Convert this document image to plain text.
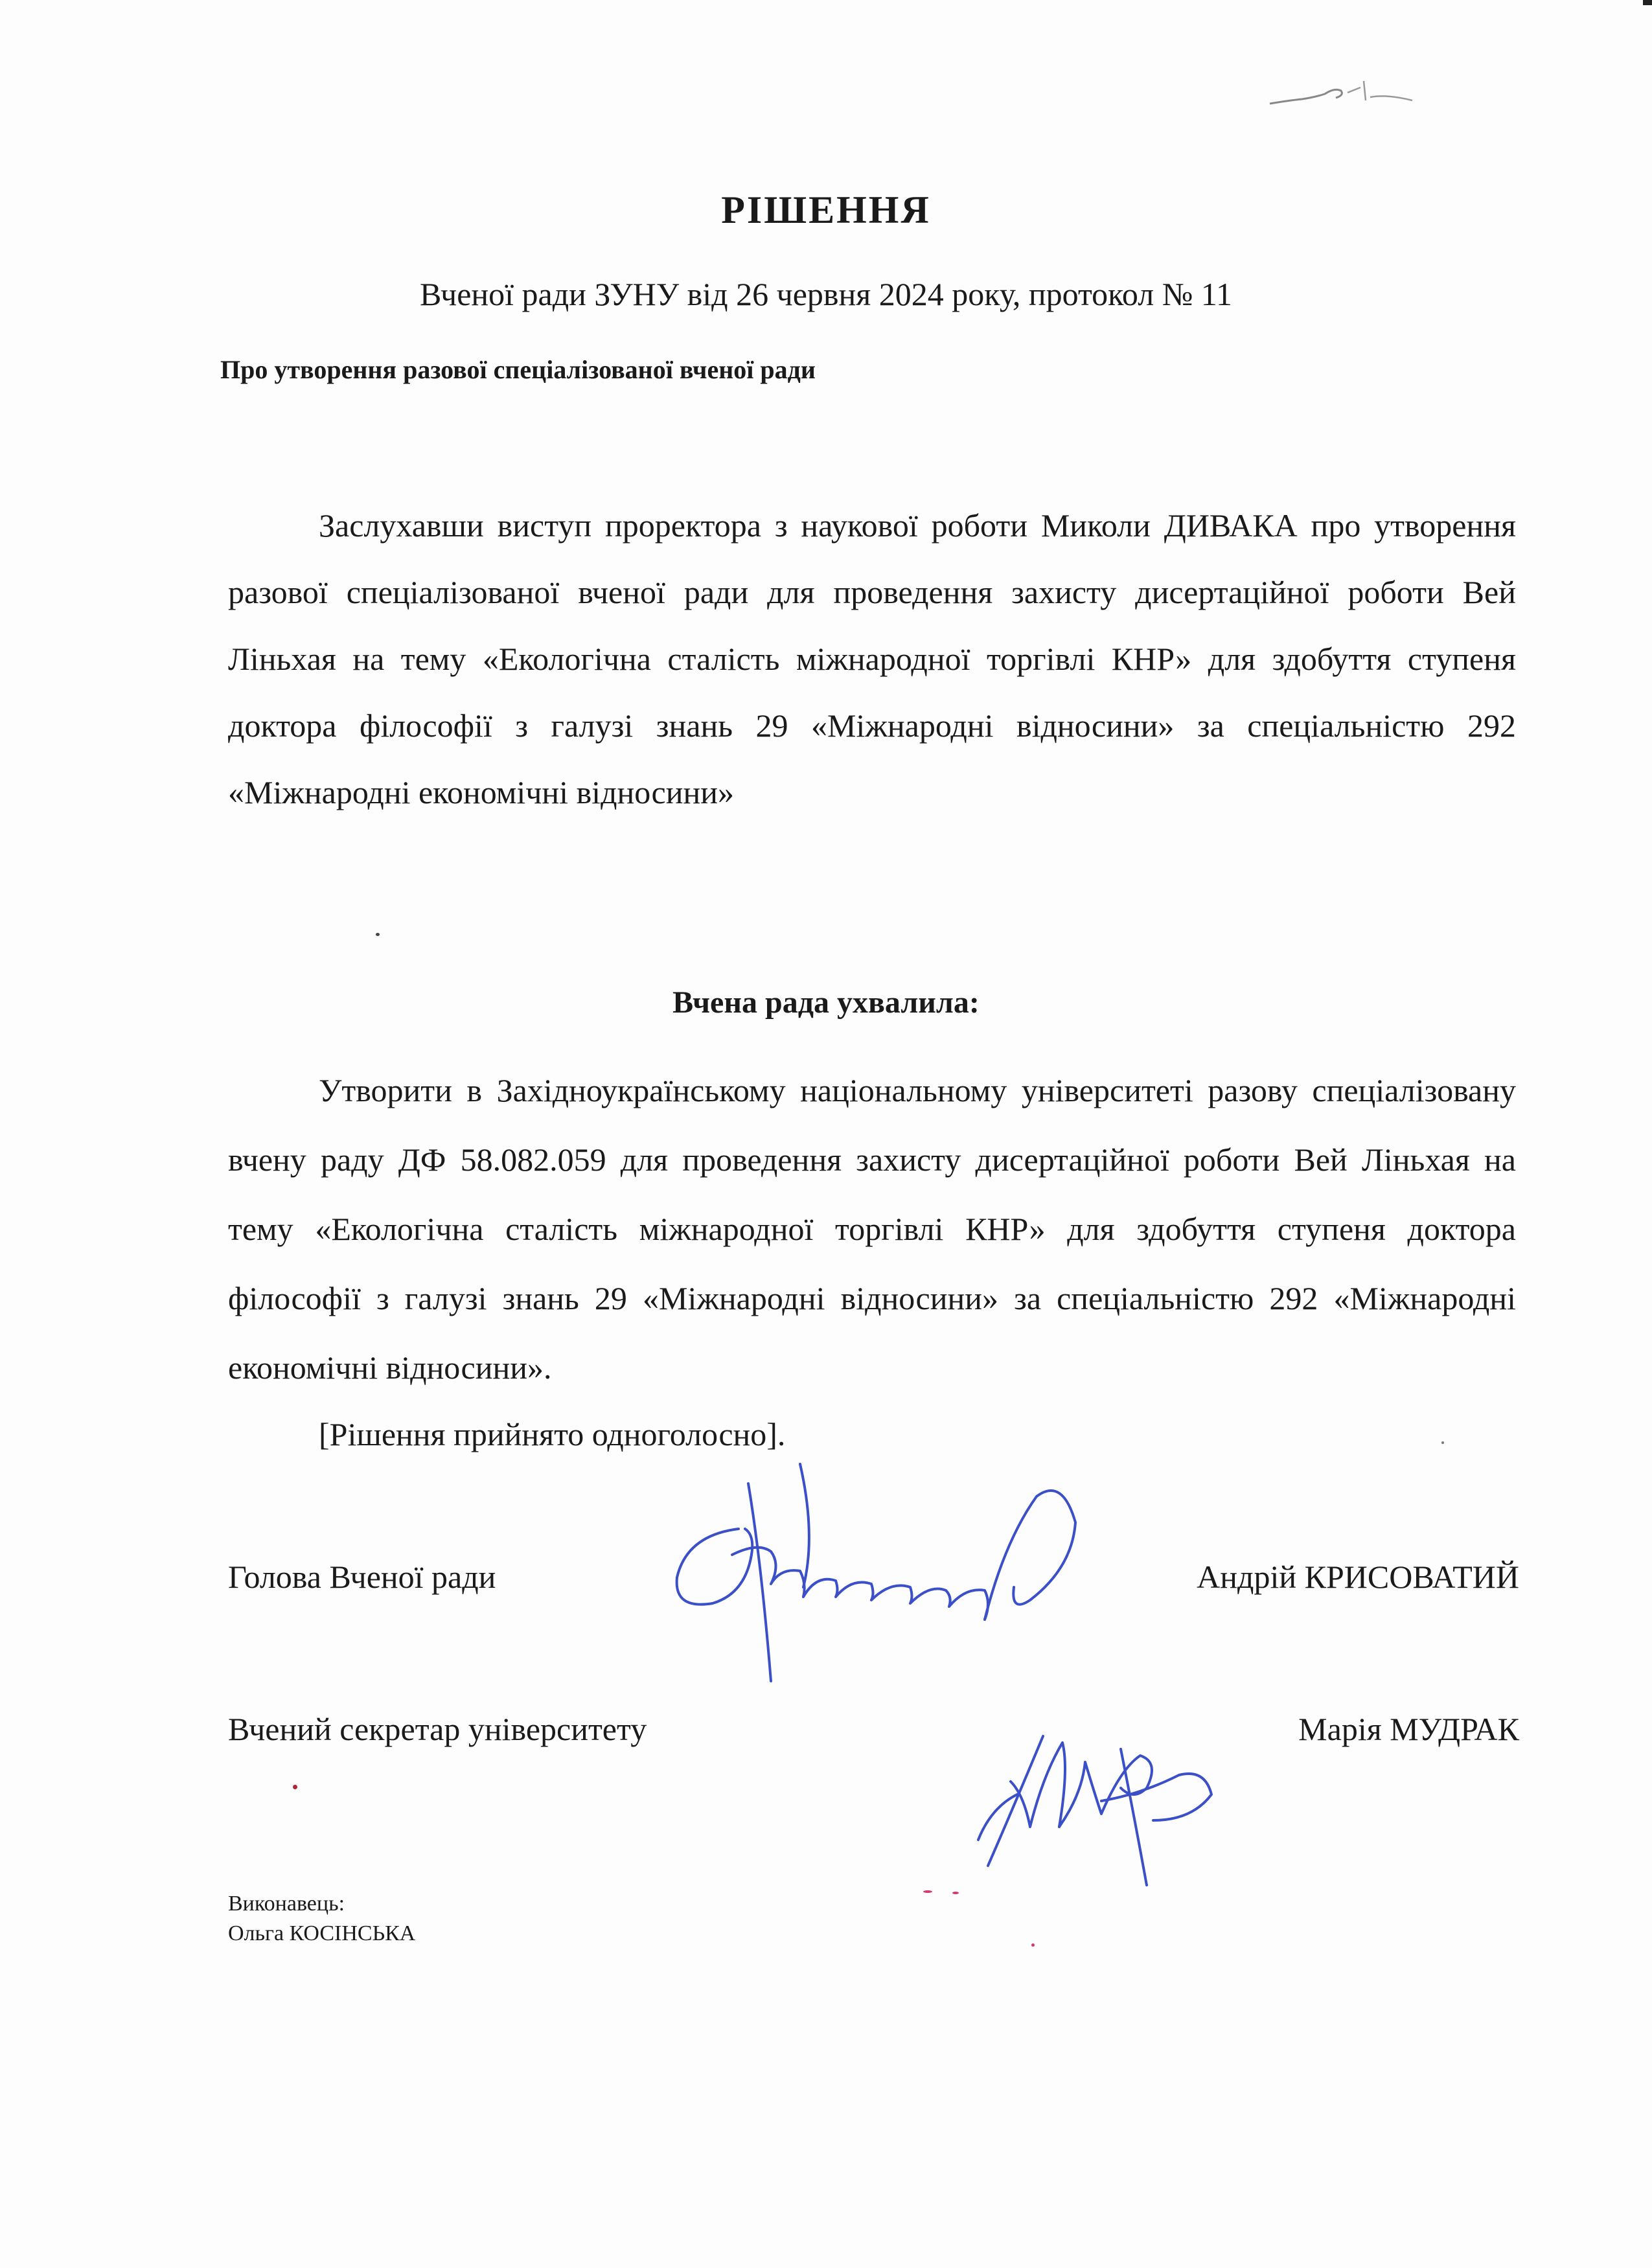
РІШЕННЯ
Вченої ради ЗУНУ від 26 червня 2024 року, протокол № 11
Про утворення разової спеціалізованої вченої ради
Заслухавши виступ проректора з наукової роботи Миколи ДИВАКА про утворення разової спеціалізованої вченої ради для проведення захисту дисертаційної роботи Вей Ліньхая на тему «Екологічна сталість міжнародної торгівлі КНР» для здобуття ступеня доктора філософії з галузі знань 29 «Міжнародні відносини» за спеціальністю 292 «Міжнародні економічні відносини»
Вчена рада ухвалила:
Утворити в Західноукраїнському національному університеті разову спеціалізовану вчену раду ДФ 58.082.059 для проведення захисту дисертаційної роботи Вей Ліньхая на тему «Екологічна сталість міжнародної торгівлі КНР» для здобуття ступеня доктора філософії з галузі знань 29 «Міжнародні відносини» за спеціальністю 292 «Міжнародні економічні відносини».
[Рішення прийнято одноголосно].
Голова Вченої ради	Андрій КРИСОВАТИЙ
Вчений секретар університету	Марія МУДРАК
Виконавець:
Ольга КОСІНСЬКА
